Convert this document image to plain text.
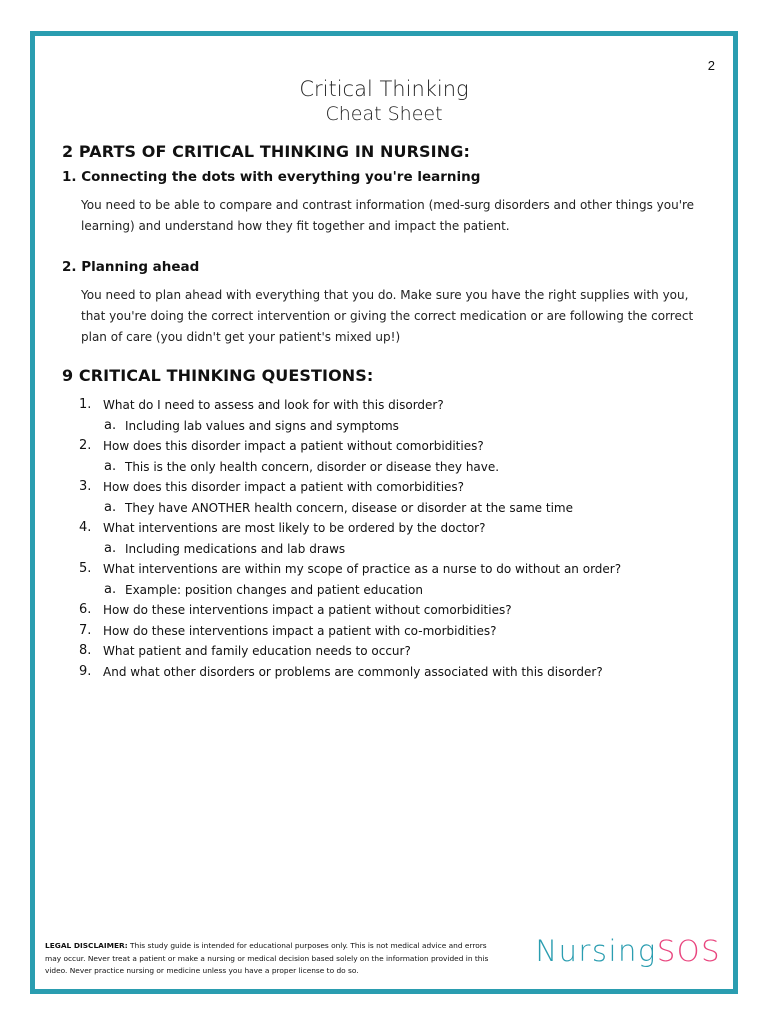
2
Critical Thinking
Cheat Sheet
2 PARTS OF CRITICAL THINKING IN NURSING:
1. Connecting the dots with everything you're learning

You need to be able to compare and contrast information (med-surg disorders and other things you're learning) and understand how they fit together and impact the patient.

2. Planning ahead

You need to plan ahead with everything that you do. Make sure you have the right supplies with you, that you're doing the correct intervention or giving the correct medication or are following the correct plan of care (you didn't get your patient's mixed up!)

9 CRITICAL THINKING QUESTIONS:
1. What do I need to assess and look for with this disorder?
a. Including lab values and signs and symptoms
2. How does this disorder impact a patient without comorbidities?
a. This is the only health concern, disorder or disease they have.
3. How does this disorder impact a patient with comorbidities?
a. They have ANOTHER health concern, disease or disorder at the same time
4. What interventions are most likely to be ordered by the doctor?
a. Including medications and lab draws
5. What interventions are within my scope of practice as a nurse to do without an order?
a. Example: position changes and patient education
6. How do these interventions impact a patient without comorbidities?
7. How do these interventions impact a patient with co-morbidities?
8. What patient and family education needs to occur?
9. And what other disorders or problems are commonly associated with this disorder?
LEGAL DISCLAIMER: This study guide is intended for educational purposes only. This is not medical advice and errors may occur. Never treat a patient or make a nursing or medical decision based solely on the information provided in this video. Never practice nursing or medicine unless you have a proper license to do so.
NursingSOS
